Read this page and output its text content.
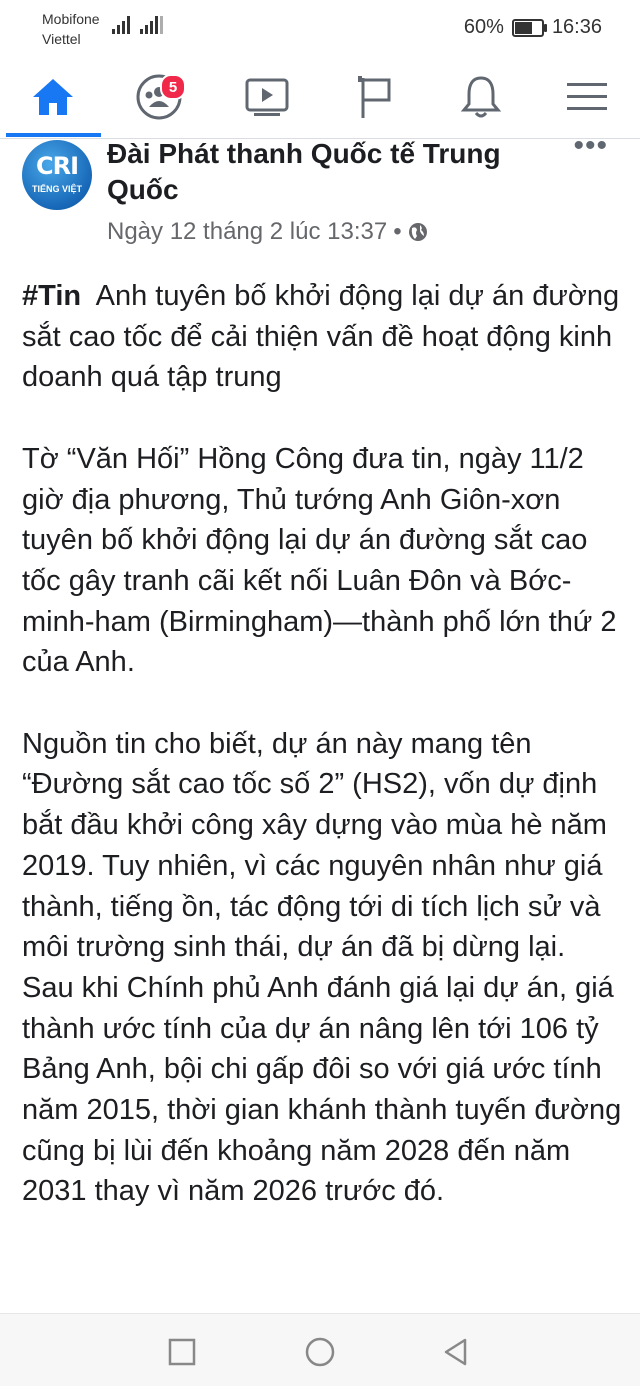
Mobifone
Viettel
60% 16:36
5
CRI
TIẾNG VIỆT
Đài Phát thanh Quốc tế Trung Quốc
•••
Ngày 12 tháng 2 lúc 13:37 •

#Tin Anh tuyên bố khởi động lại dự án đường sắt cao tốc để cải thiện vấn đề hoạt động kinh doanh quá tập trung

Tờ “Văn Hối” Hồng Công đưa tin, ngày 11/2 giờ địa phương, Thủ tướng Anh Giôn-xơn tuyên bố khởi động lại dự án đường sắt cao tốc gây tranh cãi kết nối Luân Đôn và Bớc-minh-ham (Birmingham)—thành phố lớn thứ 2 của Anh.

Nguồn tin cho biết, dự án này mang tên “Đường sắt cao tốc số 2” (HS2), vốn dự định bắt đầu khởi công xây dựng vào mùa hè năm 2019. Tuy nhiên, vì các nguyên nhân như giá thành, tiếng ồn, tác động tới di tích lịch sử và môi trường sinh thái, dự án đã bị dừng lại. Sau khi Chính phủ Anh đánh giá lại dự án, giá thành ước tính của dự án nâng lên tới 106 tỷ Bảng Anh, bội chi gấp đôi so với giá ước tính năm 2015, thời gian khánh thành tuyến đường cũng bị lùi đến khoảng năm 2028 đến năm 2031 thay vì năm 2026 trước đó.
